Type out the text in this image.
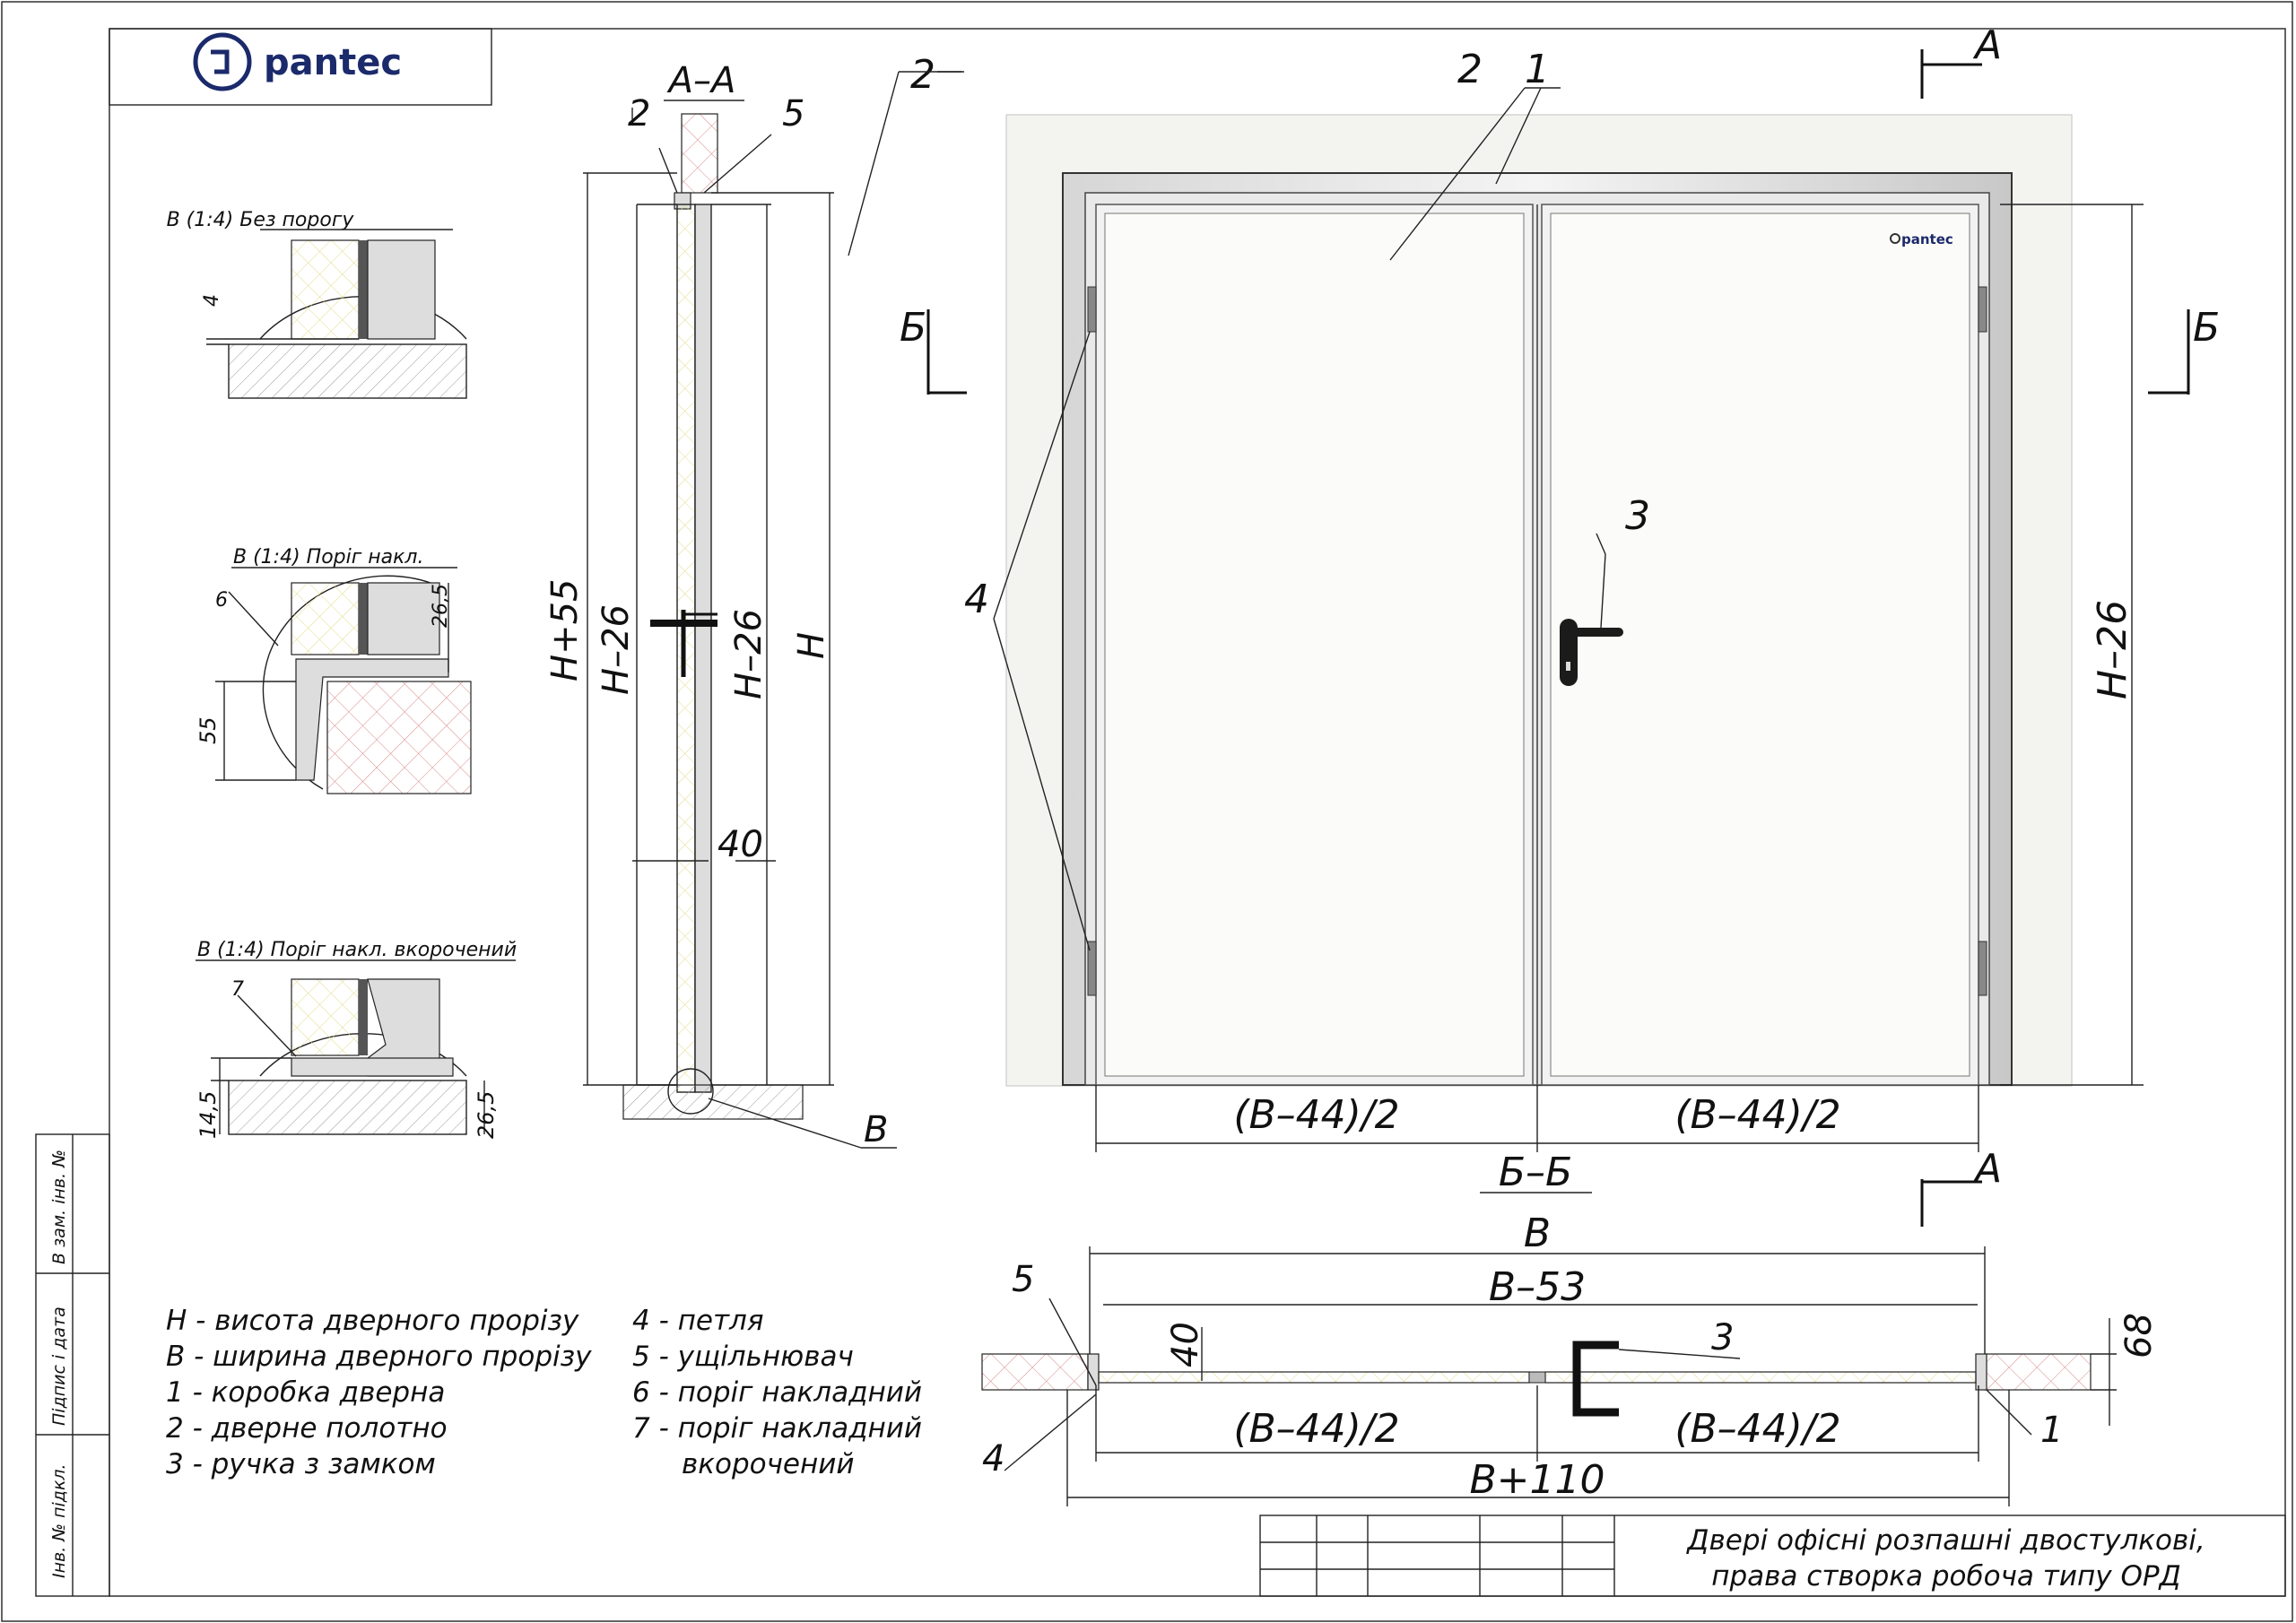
pantec
Інв. № підкл.
Підпис і дата
В зам. інв. №
В (1:4) Без порогу
4
В (1:4) Поріг накл.
6	26,5
55
В (1:4) Поріг накл. вкорочений
7
14,5	26,5
А–А
В
2	5
Н+55 Н–26	Н–26 Н
40
pantec
2	2 1
3
4
Б	Б
А
А
Н–26
(В–44)/2	(В–44)/2
Б–Б
В
В–53
(В–44)/2	(В–44)/2
В+110
40	68
5
3
4
1
Н - висота дверного прорізу
В - ширина дверного прорізу
1 - коробка дверна
2 - дверне полотно
3 - ручка з замком
4 - петля
5 - ущільнювач
6 - поріг накладний
7 - поріг накладний
вкорочений
Двері офісні розпашні двостулкові,
права створка робоча типу ОРД
